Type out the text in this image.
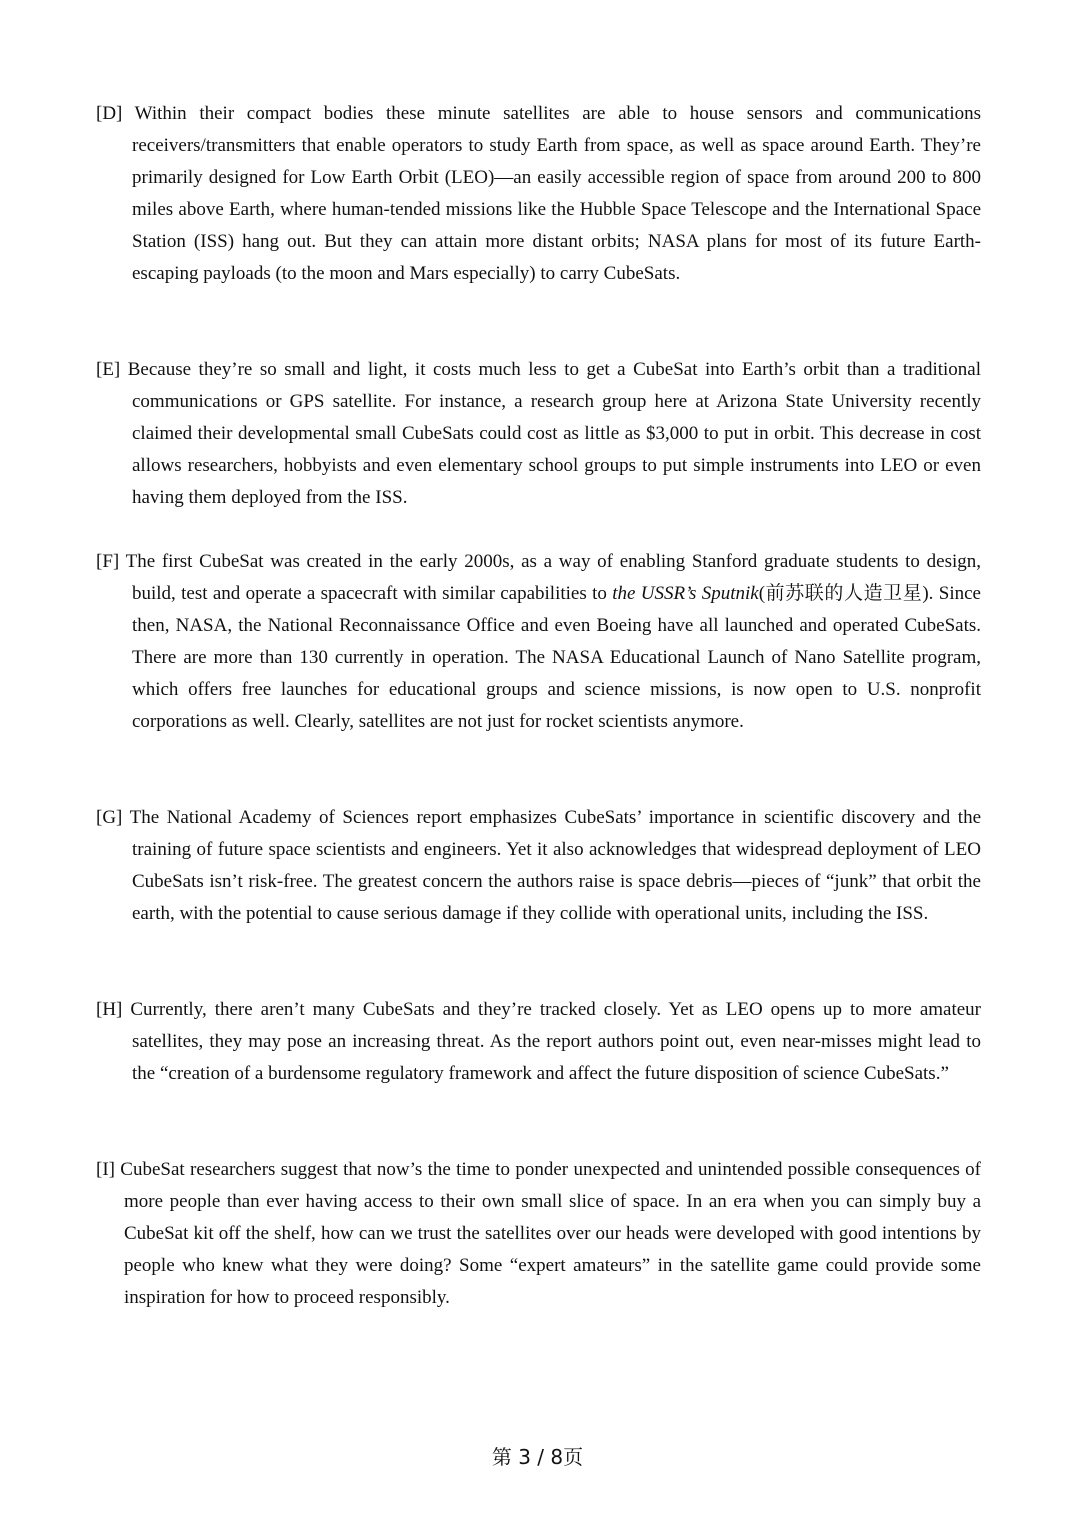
[D] Within their compact bodies these minute satellites are able to house sensors and communications receivers/transmitters that enable operators to study Earth from space, as well as space around Earth. They’re primarily designed for Low Earth Orbit (LEO)—an easily accessible region of space from around 200 to 800 miles above Earth, where human-tended missions like the Hubble Space Telescope and the International Space Station (ISS) hang out. But they can attain more distant orbits; NASA plans for most of its future Earth-escaping payloads (to the moon and Mars especially) to carry CubeSats.

[E] Because they’re so small and light, it costs much less to get a CubeSat into Earth’s orbit than a traditional communications or GPS satellite. For instance, a research group here at Arizona State University recently claimed their developmental small CubeSats could cost as little as $3,000 to put in orbit. This decrease in cost allows researchers, hobbyists and even elementary school groups to put simple instruments into LEO or even having them deployed from the ISS.

[F] The first CubeSat was created in the early 2000s, as a way of enabling Stanford graduate students to design, build, test and operate a spacecraft with similar capabilities to the USSR’s Sputnik(前苏联的人造卫星). Since then, NASA, the National Reconnaissance Office and even Boeing have all launched and operated CubeSats. There are more than 130 currently in operation. The NASA Educational Launch of Nano Satellite program, which offers free launches for educational groups and science missions, is now open to U.S. nonprofit corporations as well. Clearly, satellites are not just for rocket scientists anymore.

[G] The National Academy of Sciences report emphasizes CubeSats’ importance in scientific discovery and the training of future space scientists and engineers. Yet it also acknowledges that widespread deployment of LEO CubeSats isn’t risk-free. The greatest concern the authors raise is space debris—pieces of “junk” that orbit the earth, with the potential to cause serious damage if they collide with operational units, including the ISS.

[H] Currently, there aren’t many CubeSats and they’re tracked closely. Yet as LEO opens up to more amateur satellites, they may pose an increasing threat. As the report authors point out, even near-misses might lead to the “creation of a burdensome regulatory framework and affect the future disposition of science CubeSats.”

[I] CubeSat researchers suggest that now’s the time to ponder unexpected and unintended possible consequences of more people than ever having access to their own small slice of space. In an era when you can simply buy a CubeSat kit off the shelf, how can we trust the satellites over our heads were developed with good intentions by people who knew what they were doing? Some “expert amateurs” in the satellite game could provide some inspiration for how to proceed responsibly.

第 3 / 8页
